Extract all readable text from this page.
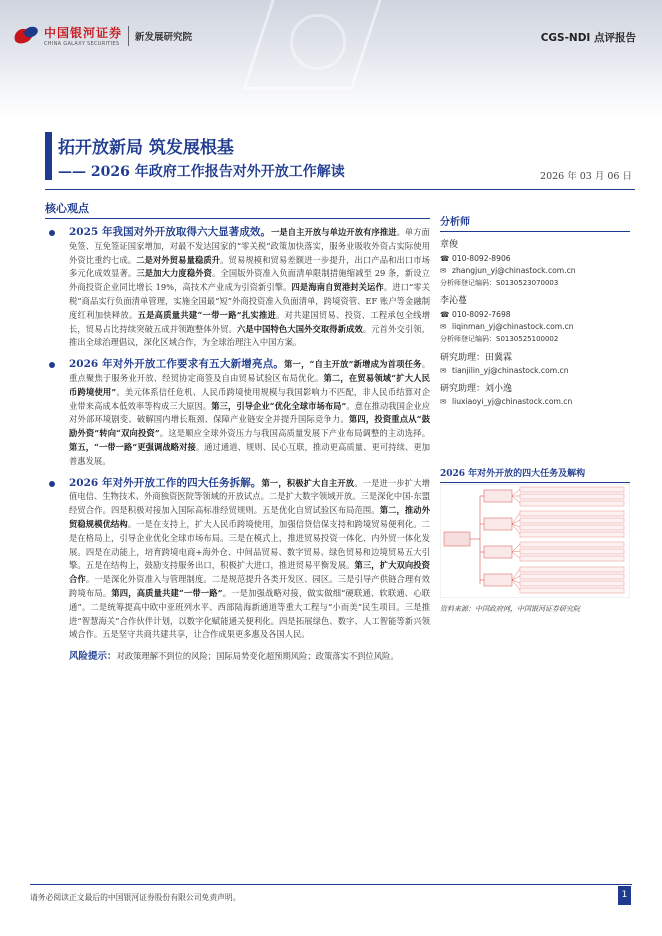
中国银河证券
CHINA GALAXY SECURITIES
新发展研究院	CGS-NDI 点评报告
拓开放新局 筑发展根基
—— 2026 年政府工作报告对外开放工作解读	2026 年 03 月 06 日
核心观点
2025 年我国对外开放取得六大显著成效。一是自主开放与单边开放有序推进。单方面免签、互免签证国家增加，对最不发达国家的“零关税”政策加快落实，服务业吸收外资占实际使用外资比重约七成。二是对外贸易量稳质升。贸易规模和贸易差额进一步提升，出口产品和出口市场多元化成效显著。三是加大力度稳外资。全国版外资准入负面清单限制措施缩减至 29 条，新设立外商投资企业同比增长 19%，高技术产业成为引资新引擎。四是海南自贸港封关运作。进口“零关税”商品实行负面清单管理，实施全国最“短”外商投资准入负面清单，跨境资管、EF 账户等金融制度红利加快释放。五是高质量共建“一带一路”扎实推进。对共建国贸易、投资、工程承包全线增长，贸易占比持续突破五成并领跑整体外贸。六是中国特色大国外交取得新成效。元首外交引领，推出全球治理倡议，深化区域合作，为全球治理注入中国方案。
2026 年对外开放工作要求有五大新增亮点。第一，“自主开放”新增成为首项任务。重点聚焦于服务业开放、经贸协定商签及自由贸易试验区布局优化。第二，在贸易领域“扩大人民币跨境使用”。美元体系信任危机、人民币跨境使用规模与我国影响力不匹配，非人民币结算对企业带来高成本低效率等构成三大原因。第三，引导企业“优化全球市场布局”。意在推动我国企业应对外部环境剧变、破解国内增长瓶颈、保障产业链安全并提升国际竞争力。第四，投资重点从“鼓励外资”转向“双向投资”。这是顺应全球外资压力与我国高质量发展下产业布局调整的主动选择。第五，“一带一路”更强调战略对接。通过通道、规则、民心互联，推动更高质量、更可持续、更加普惠发展。
2026 年对外开放工作的四大任务拆解。第一，积极扩大自主开放。一是进一步扩大增值电信、生物技术、外商独资医院等领域的开放试点。二是扩大数字领域开放。三是深化中国-东盟经贸合作。四是积极对接加入国际高标准经贸规则。五是优化自贸试验区布局范围。第二，推动外贸稳规模优结构。一是在支持上，扩大人民币跨境使用，加强信贷信保支持和跨境贸易便利化。二是在格局上，引导企业优化全球市场布局。三是在模式上，推进贸易投资一体化、内外贸一体化发展。四是在动能上，培育跨境电商+海外仓、中间品贸易、数字贸易、绿色贸易和边境贸易五大引擎。五是在结构上，鼓励支持服务出口，积极扩大进口，推进贸易平衡发展。第三，扩大双向投资合作。一是深化外资准入与管理制度。二是规范提升各类开发区、园区。三是引导产供链合理有效跨境布局。第四，高质量共建“一带一路”。一是加强战略对接，做实做细“硬联通、软联通、心联通”。二是统筹提高中欧中亚班列水平、西部陆海新通道等重大工程与“小而美”民生项目。三是推进“智慧海关”合作伙伴计划，以数字化赋能通关便利化。四是拓展绿色、数字、人工智能等新兴领域合作。五是坚守共商共建共享，让合作成果更多惠及各国人民。
风险提示：对政策理解不到位的风险；国际局势变化超预期风险；政策落实不到位风险。
分析师
章俊
☎ 010-8092-8906
✉ zhangjun_yj@chinastock.com.cn
分析师登记编码：S0130523070003
李沁蔓
☎ 010-8092-7698
✉ liqinman_yj@chinastock.com.cn
分析师登记编码：S0130525100002
研究助理：田冀霖
✉ tianjilin_yj@chinastock.com.cn
研究助理：刘小逸
✉ liuxiaoyi_yj@chinastock.com.cn
2026 年对外开放的四大任务及解构
资料来源：中国政府网，中国银河证券研究院
请务必阅读正文最后的中国银河证券股份有限公司免责声明。	1
